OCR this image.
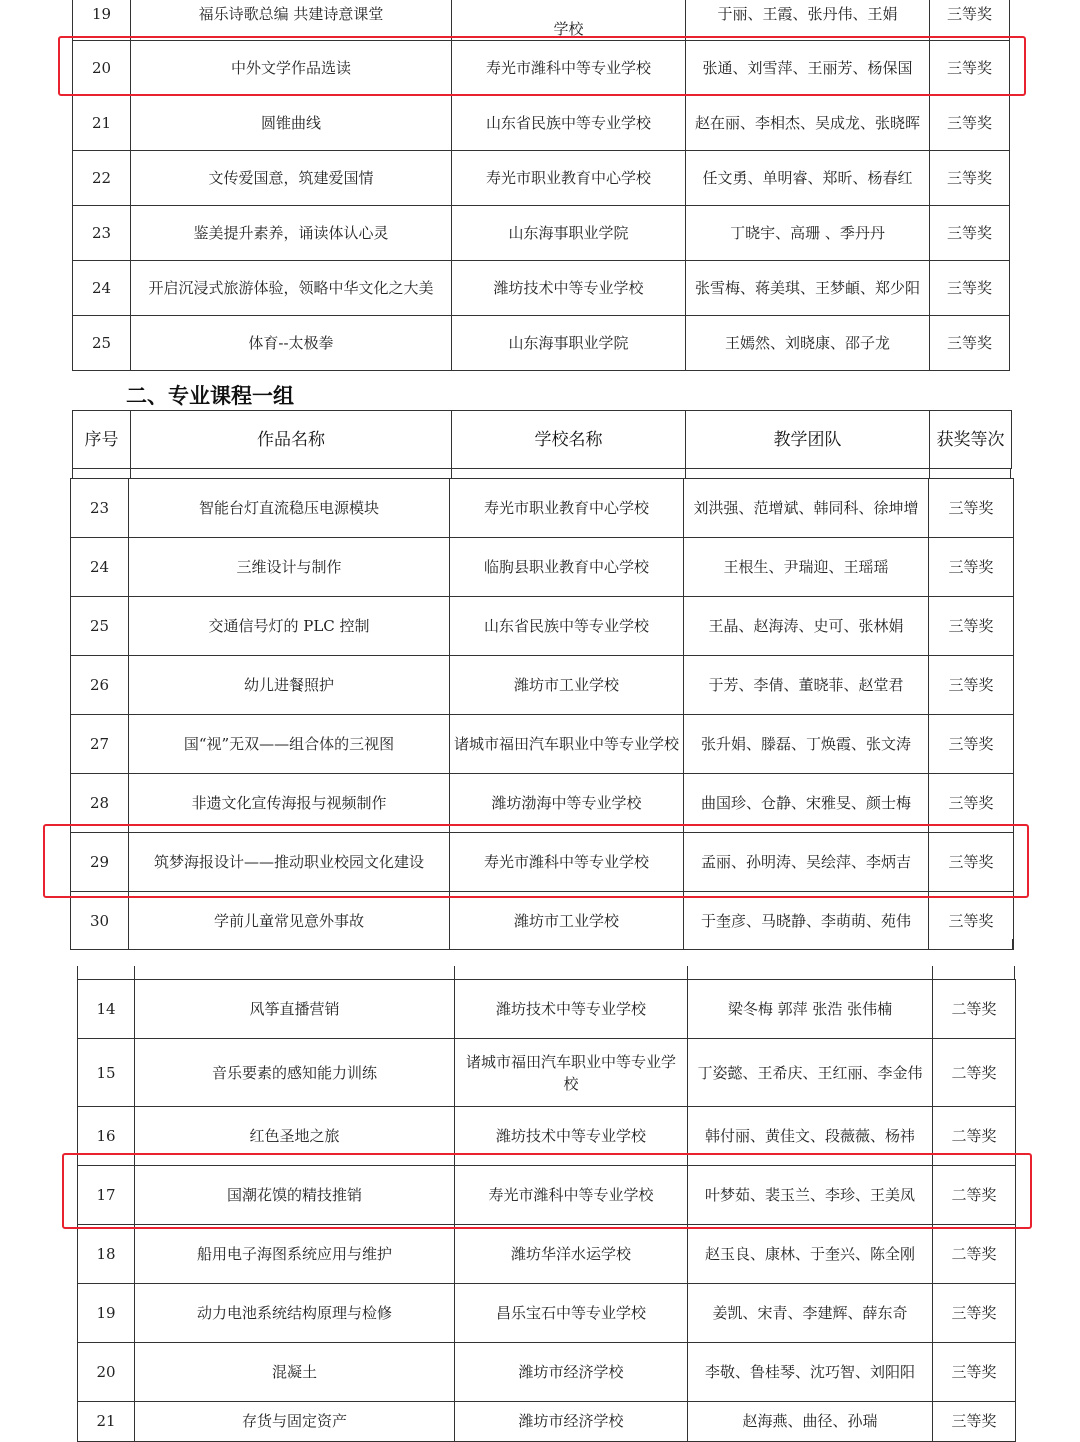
19	福乐诗歌总编 共建诗意课堂	学校	于丽、王霞、张丹伟、王娟	三等奖
20	中外文学作品选读	寿光市潍科中等专业学校	张通、刘雪萍、王丽芳、杨保国	三等奖
21	圆锥曲线	山东省民族中等专业学校	赵在丽、李相杰、吴成龙、张晓晖	三等奖
22	文传爱国意，筑建爱国情	寿光市职业教育中心学校	任文勇、单明睿、郑昕、杨春红	三等奖
23	鉴美提升素养，诵读体认心灵	山东海事职业学院	丁晓宇、高珊 、季丹丹	三等奖
24	开启沉浸式旅游体验，领略中华文化之大美	潍坊技术中等专业学校	张雪梅、蒋美琪、王梦頔、郑少阳	三等奖
25	体育--太极拳	山东海事职业学院	王嫣然、刘晓康、邵子龙	三等奖
二、专业课程一组
序号	作品名称	学校名称	教学团队	获奖等次
23	智能台灯直流稳压电源模块	寿光市职业教育中心学校	刘洪强、范增斌、韩同科、徐坤增	三等奖
24	三维设计与制作	临朐县职业教育中心学校	王根生、尹瑞迎、王瑶瑶	三等奖
25	交通信号灯的 PLC 控制	山东省民族中等专业学校	王晶、赵海涛、史可、张林娟	三等奖
26	幼儿进餐照护	潍坊市工业学校	于芳、李倩、董晓菲、赵堂君	三等奖
27	国“视”无双——组合体的三视图	诸城市福田汽车职业中等专业学校	张升娟、滕磊、丁焕霞、张文涛	三等奖
28	非遗文化宣传海报与视频制作	潍坊渤海中等专业学校	曲国珍、仓静、宋雅旻、颜士梅	三等奖
29	筑梦海报设计——推动职业校园文化建设	寿光市潍科中等专业学校	孟丽、孙明涛、吴绘萍、李炳吉	三等奖
30	学前儿童常见意外事故	潍坊市工业学校	于奎彦、马晓静、李萌萌、苑伟	三等奖
14	风筝直播营销	潍坊技术中等专业学校	梁冬梅 郭萍 张浩 张伟楠	二等奖
15	音乐要素的感知能力训练	诸城市福田汽车职业中等专业学校	丁姿懿、王希庆、王红丽、李金伟	二等奖
16	红色圣地之旅	潍坊技术中等专业学校	韩付丽、黄佳文、段薇薇、杨祎	二等奖
17	国潮花馍的精技推销	寿光市潍科中等专业学校	叶梦茹、裴玉兰、李珍、王美凤	二等奖
18	船用电子海图系统应用与维护	潍坊华洋水运学校	赵玉良、康林、于奎兴、陈全刚	二等奖
19	动力电池系统结构原理与检修	昌乐宝石中等专业学校	姜凯、宋青、李建辉、薛东奇	三等奖
20	混凝土	潍坊市经济学校	李敬、鲁桂琴、沈巧智、刘阳阳	三等奖
21	存货与固定资产	潍坊市经济学校	赵海燕、曲径、孙瑞	三等奖
